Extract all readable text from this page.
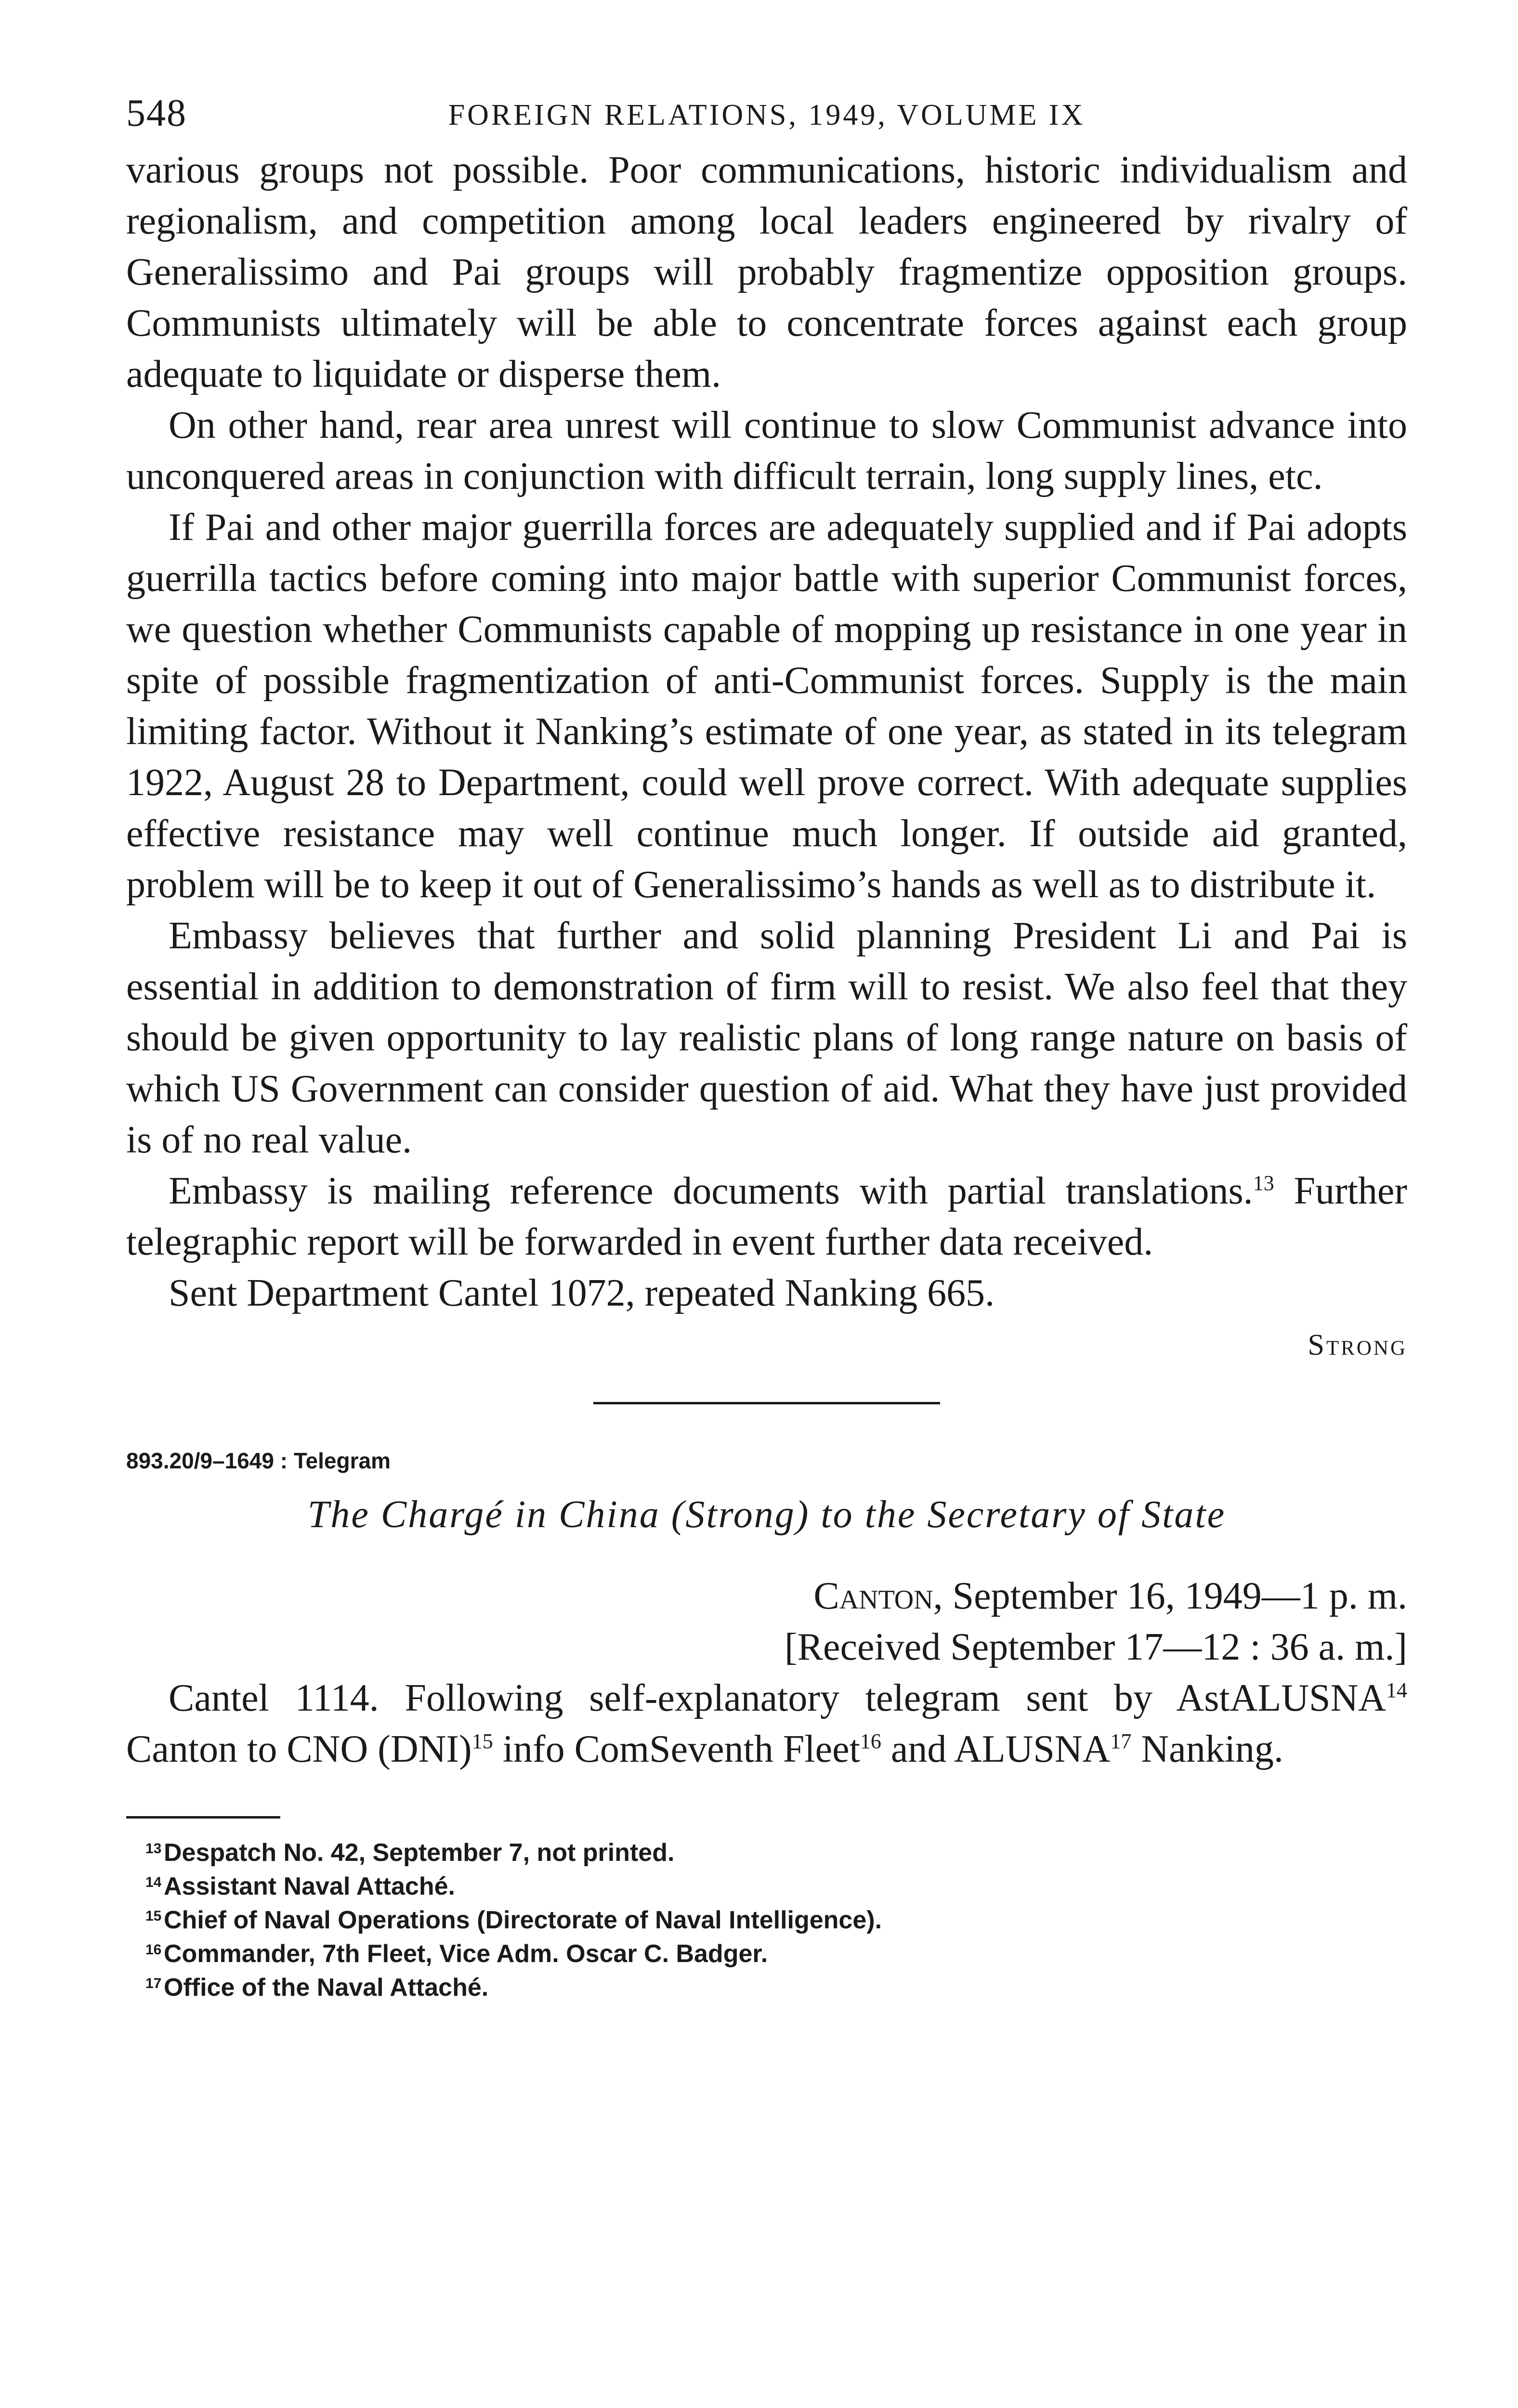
548	FOREIGN RELATIONS, 1949, VOLUME IX

various groups not possible. Poor communications, historic individualism and regionalism, and competition among local leaders engineered by rivalry of Generalissimo and Pai groups will probably fragmentize opposition groups. Communists ultimately will be able to concentrate forces against each group adequate to liquidate or disperse them.

On other hand, rear area unrest will continue to slow Communist advance into unconquered areas in conjunction with difficult terrain, long supply lines, etc.

If Pai and other major guerrilla forces are adequately supplied and if Pai adopts guerrilla tactics before coming into major battle with superior Communist forces, we question whether Communists capable of mopping up resistance in one year in spite of possible fragmentization of anti-Communist forces. Supply is the main limiting factor. Without it Nanking’s estimate of one year, as stated in its telegram 1922, August 28 to Department, could well prove correct. With adequate supplies effective resistance may well continue much longer. If outside aid granted, problem will be to keep it out of Generalissimo’s hands as well as to distribute it.

Embassy believes that further and solid planning President Li and Pai is essential in addition to demonstration of firm will to resist. We also feel that they should be given opportunity to lay realistic plans of long range nature on basis of which US Government can consider question of aid. What they have just provided is of no real value.

Embassy is mailing reference documents with partial translations.$^{13}$ Further telegraphic report will be forwarded in event further data received.

Sent Department Cantel 1072, repeated Nanking 665.

Strong
893.20/9–1649 : Telegram
The Chargé in China (Strong) to the Secretary of State
Canton, September 16, 1949—1 p. m.
[Received September 17—12 : 36 a. m.]

Cantel 1114. Following self-explanatory telegram sent by AstALUSNA$^{14}$ Canton to CNO (DNI)$^{15}$ info ComSeventh Fleet$^{16}$ and ALUSNA$^{17}$ Nanking.

13 Despatch No. 42, September 7, not printed.
14 Assistant Naval Attaché.
15 Chief of Naval Operations (Directorate of Naval Intelligence).
16 Commander, 7th Fleet, Vice Adm. Oscar C. Badger.
17 Office of the Naval Attaché.
